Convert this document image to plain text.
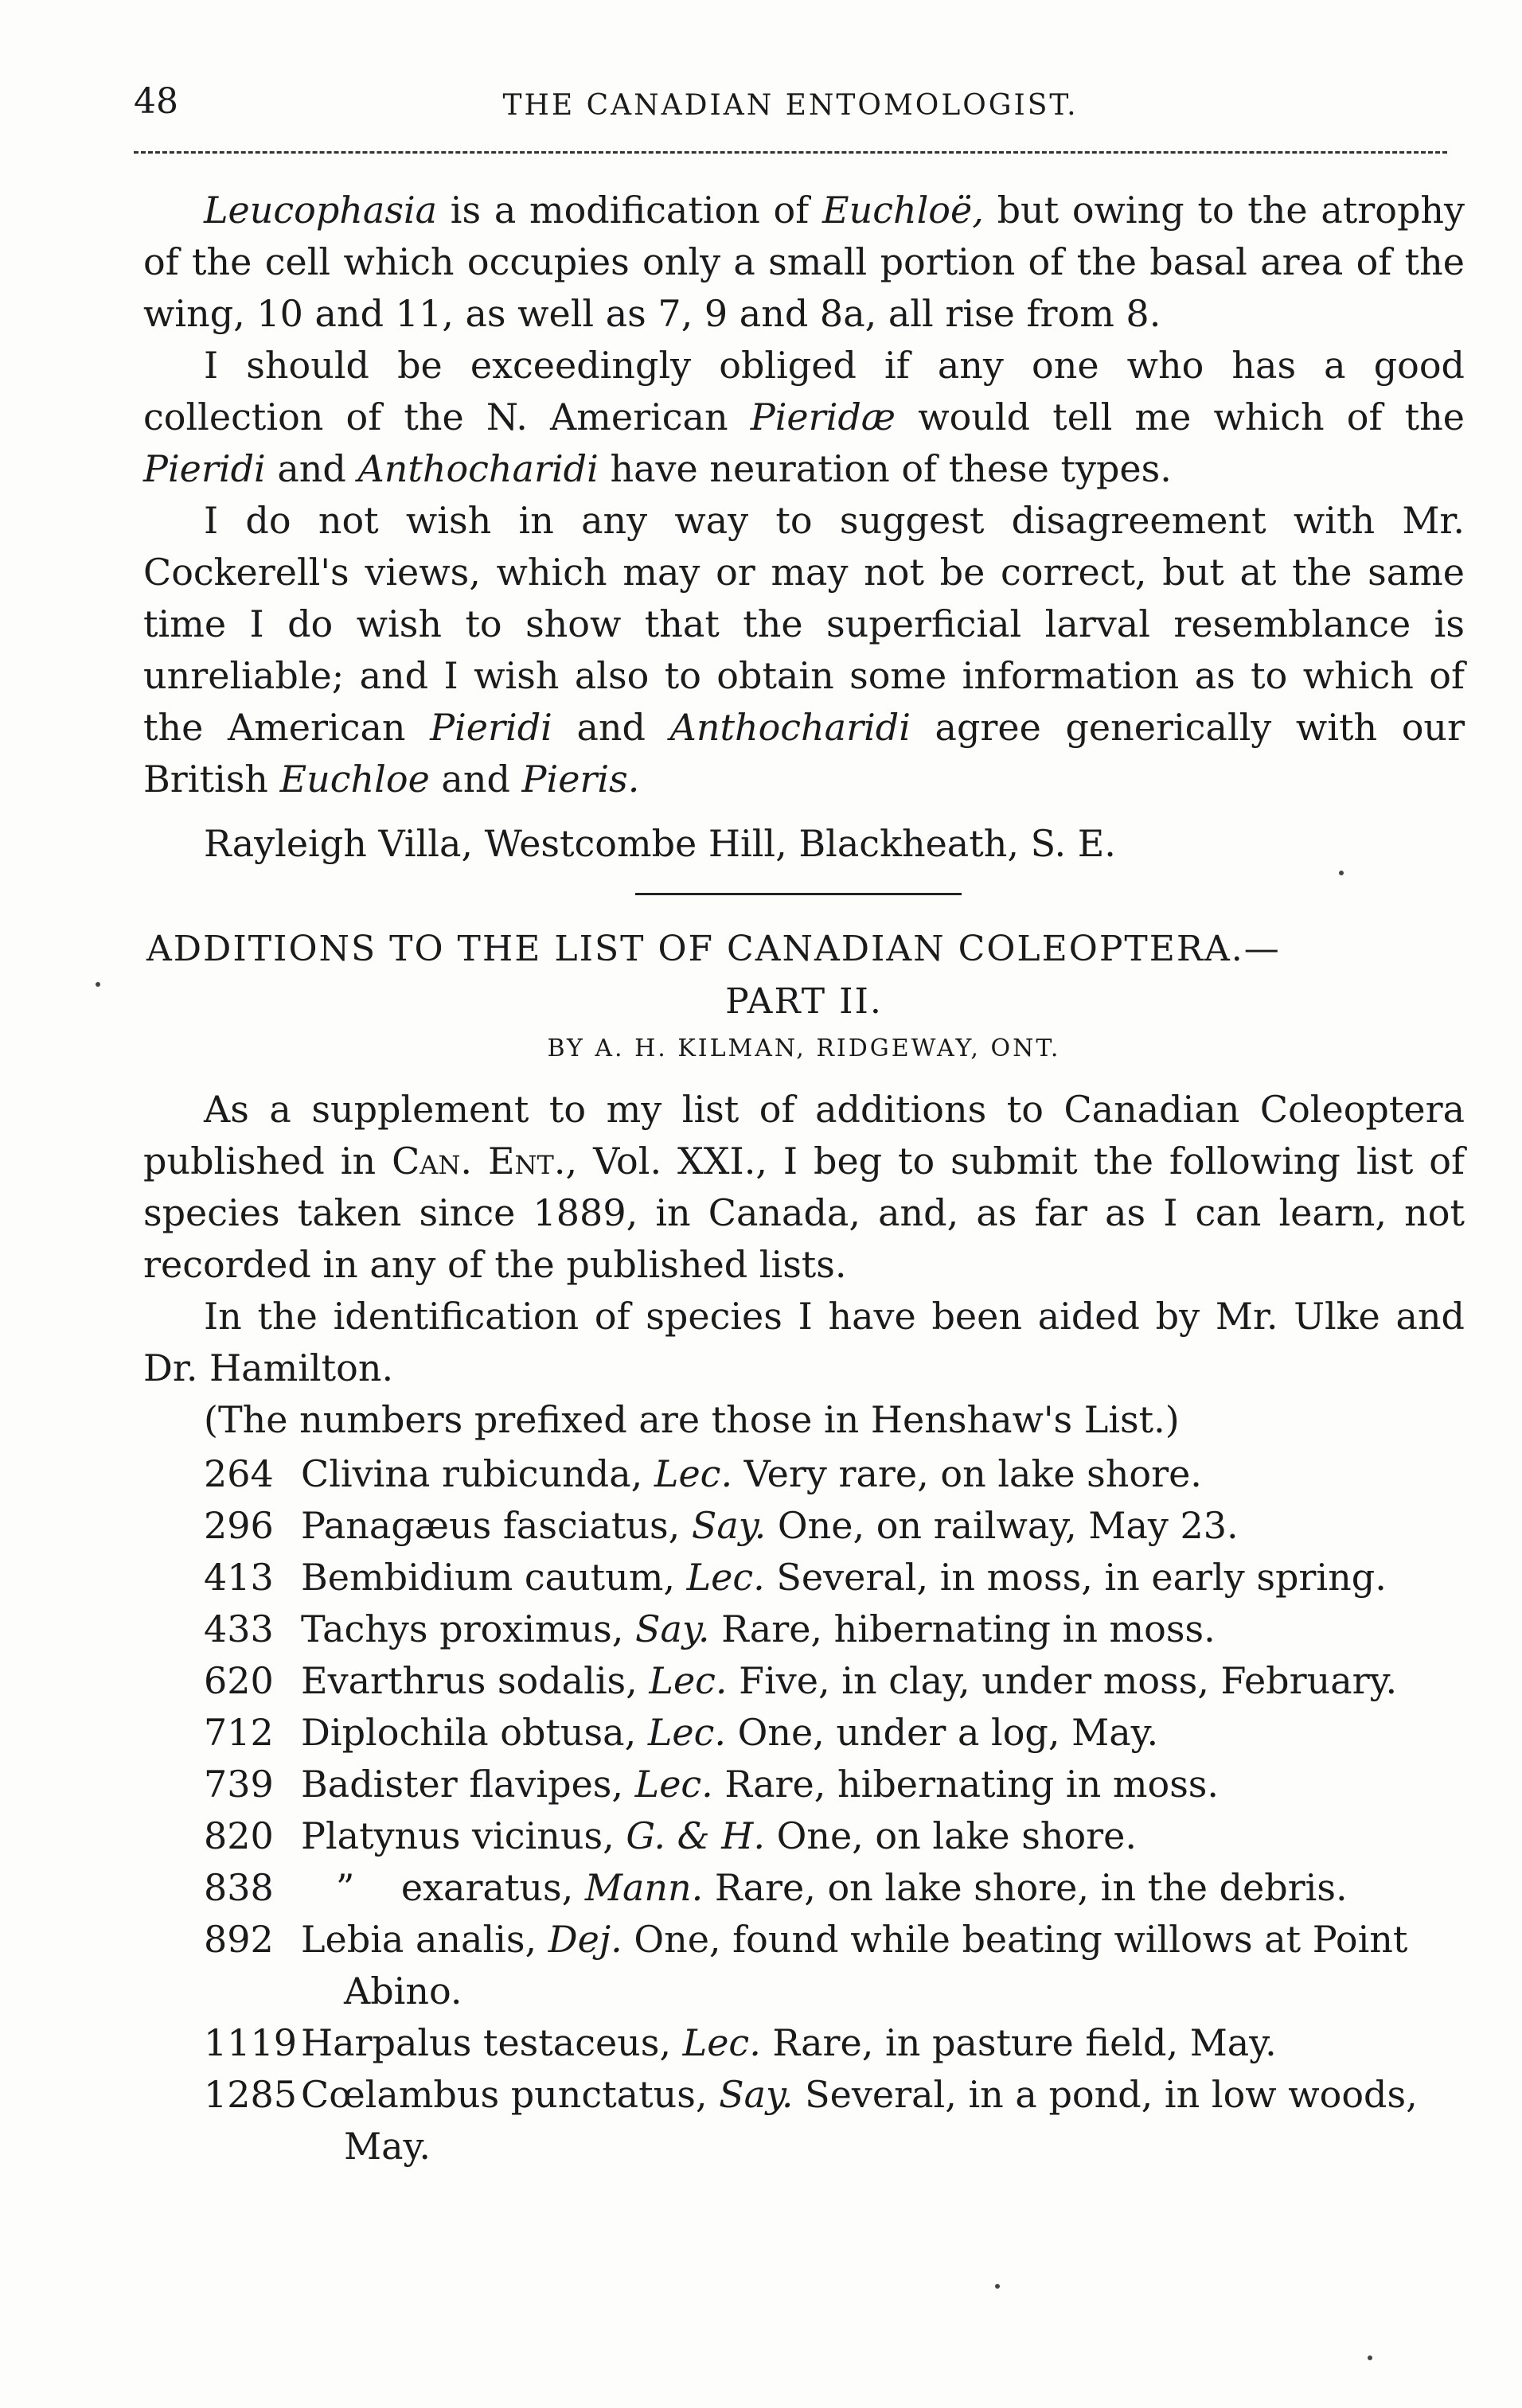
48	THE CANADIAN ENTOMOLOGIST.

Leucophasia is a modification of Euchloë, but owing to the atrophy of the cell which occupies only a small portion of the basal area of the wing, 10 and 11, as well as 7, 9 and 8a, all rise from 8.

I should be exceedingly obliged if any one who has a good collection of the N. American Pieridæ would tell me which of the Pieridi and Anthocharidi have neuration of these types.

I do not wish in any way to suggest disagreement with Mr. Cockerell's views, which may or may not be correct, but at the same time I do wish to show that the superficial larval resemblance is unreliable; and I wish also to obtain some information as to which of the American Pieridi and Anthocharidi agree generically with our British Euchloe and Pieris.

Rayleigh Villa, Westcombe Hill, Blackheath, S. E.
ADDITIONS TO THE LIST OF CANADIAN COLEOPTERA.—
PART II.
BY A. H. KILMAN, RIDGEWAY, ONT.

As a supplement to my list of additions to Canadian Coleoptera published in Can. Ent., Vol. XXI., I beg to submit the following list of species taken since 1889, in Canada, and, as far as I can learn, not recorded in any of the published lists.

In the identification of species I have been aided by Mr. Ulke and Dr. Hamilton.

(The numbers prefixed are those in Henshaw's List.)

264 Clivina rubicunda, Lec. Very rare, on lake shore.
296 Panagæus fasciatus, Say. One, on railway, May 23.
413 Bembidium cautum, Lec. Several, in moss, in early spring.
433 Tachys proximus, Say. Rare, hibernating in moss.
620 Evarthrus sodalis, Lec. Five, in clay, under moss, February.
712 Diplochila obtusa, Lec. One, under a log, May.
739 Badister flavipes, Lec. Rare, hibernating in moss.
820 Platynus vicinus, G. & H. One, on lake shore.
838 ”    exaratus, Mann. Rare, on lake shore, in the debris.
892 Lebia analis, Dej. One, found while beating willows at Point
Abino.
1119 Harpalus testaceus, Lec. Rare, in pasture field, May.
1285 Cœlambus punctatus, Say. Several, in a pond, in low woods,
May.
